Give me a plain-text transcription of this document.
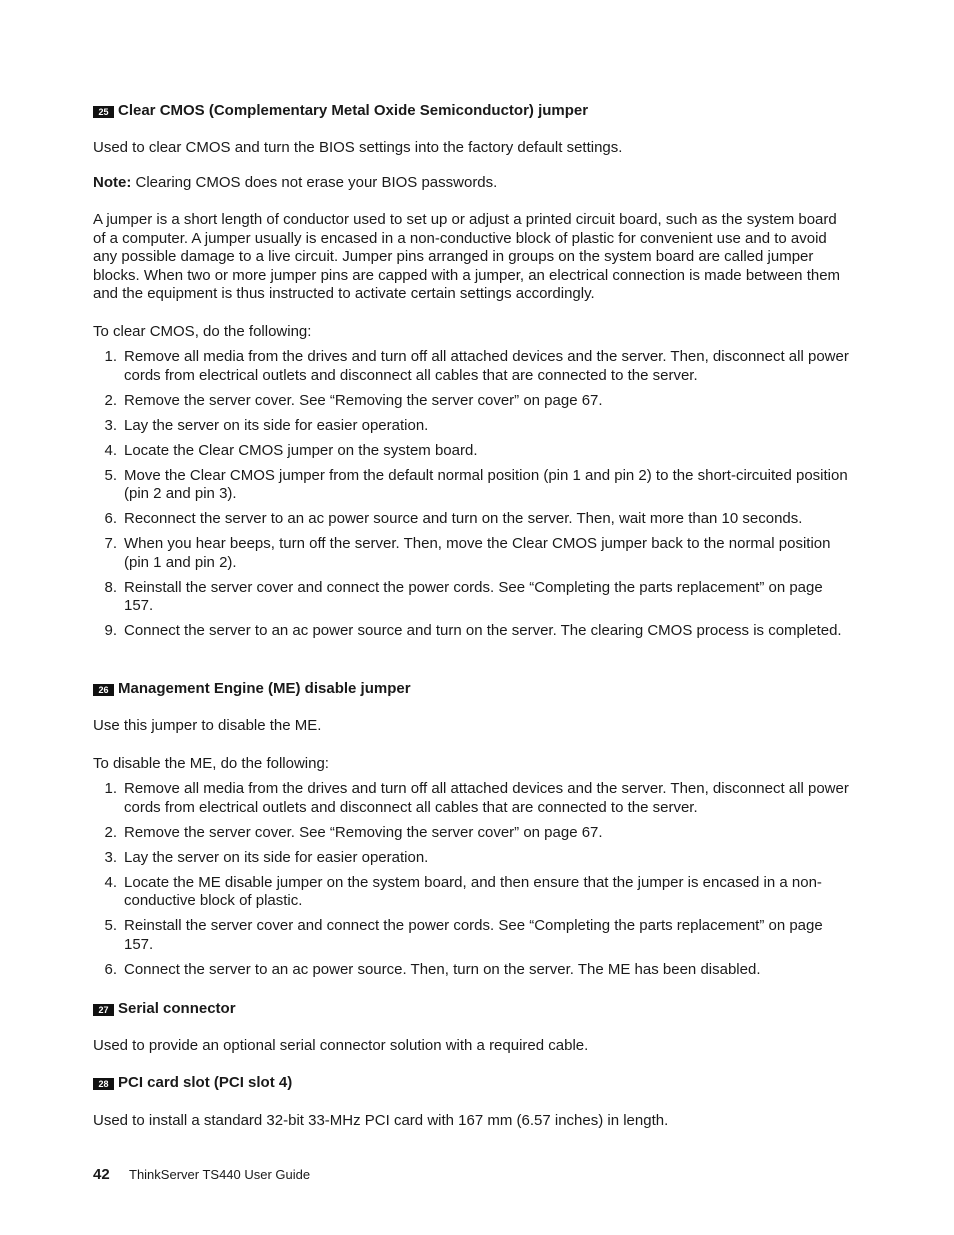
25 Clear CMOS (Complementary Metal Oxide Semiconductor) jumper

Used to clear CMOS and turn the BIOS settings into the factory default settings.

Note: Clearing CMOS does not erase your BIOS passwords.

A jumper is a short length of conductor used to set up or adjust a printed circuit board, such as the system board of a computer. A jumper usually is encased in a non-conductive block of plastic for convenient use and to avoid any possible damage to a live circuit. Jumper pins arranged in groups on the system board are called jumper blocks. When two or more jumper pins are capped with a jumper, an electrical connection is made between them and the equipment is thus instructed to activate certain settings accordingly.

To clear CMOS, do the following:

1. Remove all media from the drives and turn off all attached devices and the server. Then, disconnect all power cords from electrical outlets and disconnect all cables that are connected to the server.
2. Remove the server cover. See “Removing the server cover” on page 67.
3. Lay the server on its side for easier operation.
4. Locate the Clear CMOS jumper on the system board.
5. Move the Clear CMOS jumper from the default normal position (pin 1 and pin 2) to the short-circuited position (pin 2 and pin 3).
6. Reconnect the server to an ac power source and turn on the server. Then, wait more than 10 seconds.
7. When you hear beeps, turn off the server. Then, move the Clear CMOS jumper back to the normal position (pin 1 and pin 2).
8. Reinstall the server cover and connect the power cords. See “Completing the parts replacement” on page 157.
9. Connect the server to an ac power source and turn on the server. The clearing CMOS process is completed.
26 Management Engine (ME) disable jumper

Use this jumper to disable the ME.

To disable the ME, do the following:

1. Remove all media from the drives and turn off all attached devices and the server. Then, disconnect all power cords from electrical outlets and disconnect all cables that are connected to the server.
2. Remove the server cover. See “Removing the server cover” on page 67.
3. Lay the server on its side for easier operation.
4. Locate the ME disable jumper on the system board, and then ensure that the jumper is encased in a non-conductive block of plastic.
5. Reinstall the server cover and connect the power cords. See “Completing the parts replacement” on page 157.
6. Connect the server to an ac power source. Then, turn on the server. The ME has been disabled.
27 Serial connector

Used to provide an optional serial connector solution with a required cable.

28 PCI card slot (PCI slot 4)

Used to install a standard 32-bit 33-MHz PCI card with 167 mm (6.57 inches) in length.

42	ThinkServer TS440 User Guide
